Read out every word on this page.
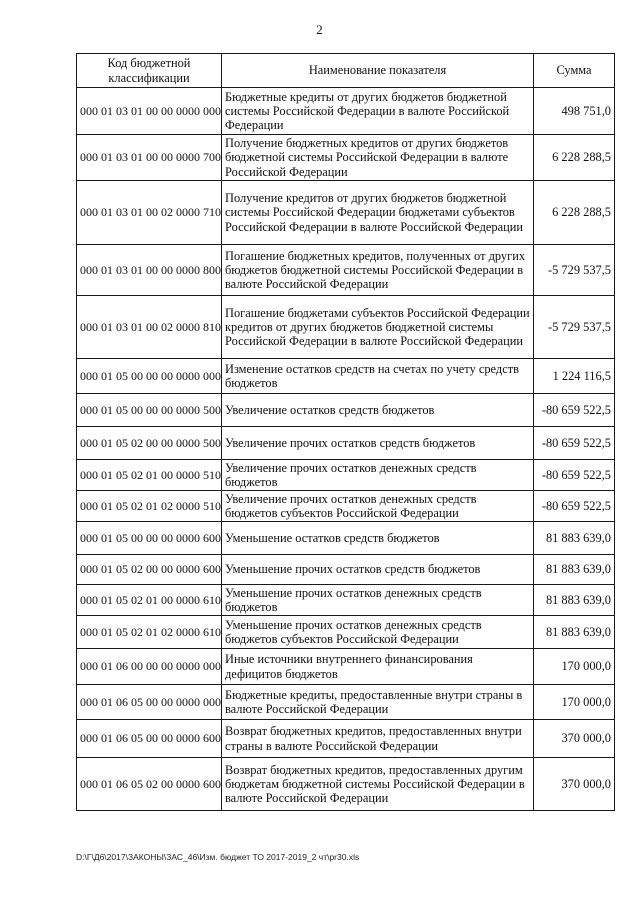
2
Код бюджетной классификации	Наименование показателя	Сумма
000 01 03 01 00 00 0000 000	Бюджетные кредиты от других бюджетов бюджетной системы Российской Федерации в валюте Российской Федерации	498 751,0
000 01 03 01 00 00 0000 700	Получение бюджетных кредитов от других бюджетов бюджетной системы Российской Федерации в валюте Российской Федерации	6 228 288,5
000 01 03 01 00 02 0000 710	Получение кредитов от других бюджетов бюджетной системы Российской Федерации бюджетами субъектов Российской Федерации в валюте Российской Федерации	6 228 288,5
000 01 03 01 00 00 0000 800	Погашение бюджетных кредитов, полученных от других бюджетов бюджетной системы Российской Федерации в валюте Российской Федерации	-5 729 537,5
000 01 03 01 00 02 0000 810	Погашение бюджетами субъектов Российской Федерации кредитов от других бюджетов бюджетной системы Российской Федерации в валюте Российской Федерации	-5 729 537,5
000 01 05 00 00 00 0000 000	Изменение остатков средств на счетах по учету средств бюджетов	1 224 116,5
000 01 05 00 00 00 0000 500	Увеличение остатков средств бюджетов	-80 659 522,5
000 01 05 02 00 00 0000 500	Увеличение прочих остатков средств бюджетов	-80 659 522,5
000 01 05 02 01 00 0000 510	Увеличение прочих остатков денежных средств бюджетов	-80 659 522,5
000 01 05 02 01 02 0000 510	Увеличение прочих остатков денежных средств бюджетов субъектов Российской Федерации	-80 659 522,5
000 01 05 00 00 00 0000 600	Уменьшение остатков средств бюджетов	81 883 639,0
000 01 05 02 00 00 0000 600	Уменьшение прочих остатков средств бюджетов	81 883 639,0
000 01 05 02 01 00 0000 610	Уменьшение прочих остатков денежных средств бюджетов	81 883 639,0
000 01 05 02 01 02 0000 610	Уменьшение прочих остатков денежных средств бюджетов субъектов Российской Федерации	81 883 639,0
000 01 06 00 00 00 0000 000	Иные источники внутреннего финансирования дефицитов бюджетов	170 000,0
000 01 06 05 00 00 0000 000	Бюджетные кредиты, предоставленные внутри страны в валюте Российской Федерации	170 000,0
000 01 06 05 00 00 0000 600	Возврат бюджетных кредитов, предоставленных внутри страны в валюте Российской Федерации	370 000,0
000 01 06 05 02 00 0000 600	Возврат бюджетных кредитов, предоставленных другим бюджетам бюджетной системы Российской Федерации в валюте Российской Федерации	370 000,0
D:\Г\Д6\2017\ЗАКОНЫ\ЗАС_46\Изм. бюджет ТО 2017-2019_2 чт\pr30.xls
